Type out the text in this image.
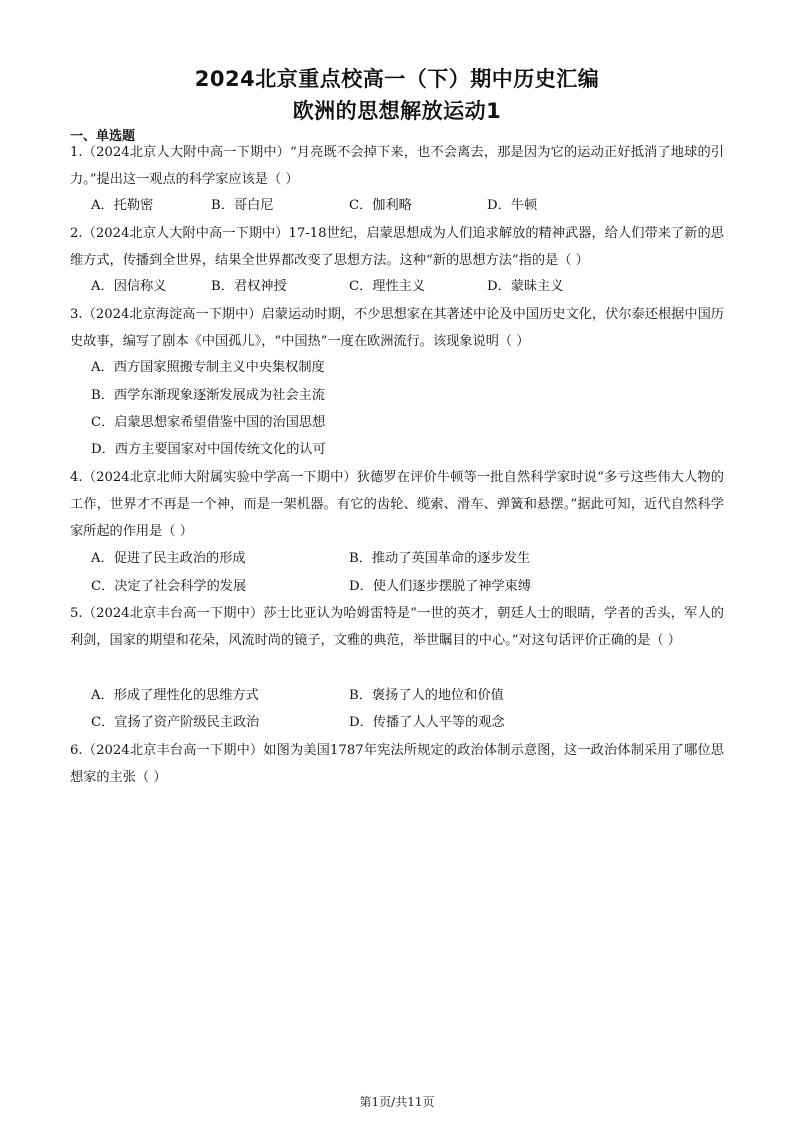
2024北京重点校高一（下）期中历史汇编
欧洲的思想解放运动1
一、单选题
1.（2024北京人大附中高一下期中）“月亮既不会掉下来，也不会离去，那是因为它的运动正好抵消了地球的引力。”提出这一观点的科学家应该是（ ）
A．托勒密	B．哥白尼	C．伽利略	D．牛顿
2.（2024北京人大附中高一下期中）17-18世纪，启蒙思想成为人们追求解放的精神武器，给人们带来了新的思维方式，传播到全世界，结果全世界都改变了思想方法。这种“新的思想方法”指的是（ ）
A．因信称义	B．君权神授	C．理性主义	D．蒙昧主义
3.（2024北京海淀高一下期中）启蒙运动时期，不少思想家在其著述中论及中国历史文化，伏尔泰还根据中国历史故事，编写了剧本《中国孤儿》，“中国热”一度在欧洲流行。该现象说明（ ）
A．西方国家照搬专制主义中央集权制度
B．西学东渐现象逐渐发展成为社会主流
C．启蒙思想家希望借鉴中国的治国思想
D．西方主要国家对中国传统文化的认可
4.（2024北京北师大附属实验中学高一下期中）狄德罗在评价牛顿等一批自然科学家时说“多亏这些伟大人物的工作，世界才不再是一个神，而是一架机器。有它的齿轮、缆索、滑车、弹簧和悬摆。”据此可知，近代自然科学家所起的作用是（ ）
A．促进了民主政治的形成	B．推动了英国革命的逐步发生
C．决定了社会科学的发展	D．使人们逐步摆脱了神学束缚
5.（2024北京丰台高一下期中）莎士比亚认为哈姆雷特是“一世的英才，朝廷人士的眼睛，学者的舌头，军人的利剑，国家的期望和花朵，风流时尚的镜子，文雅的典范，举世瞩目的中心。”对这句话评价正确的是（ ）
A．形成了理性化的思维方式	B．褒扬了人的地位和价值
C．宣扬了资产阶级民主政治	D．传播了人人平等的观念
6.（2024北京丰台高一下期中）如图为美国1787年宪法所规定的政治体制示意图，这一政治体制采用了哪位思想家的主张（ ）
第1页/共11页
